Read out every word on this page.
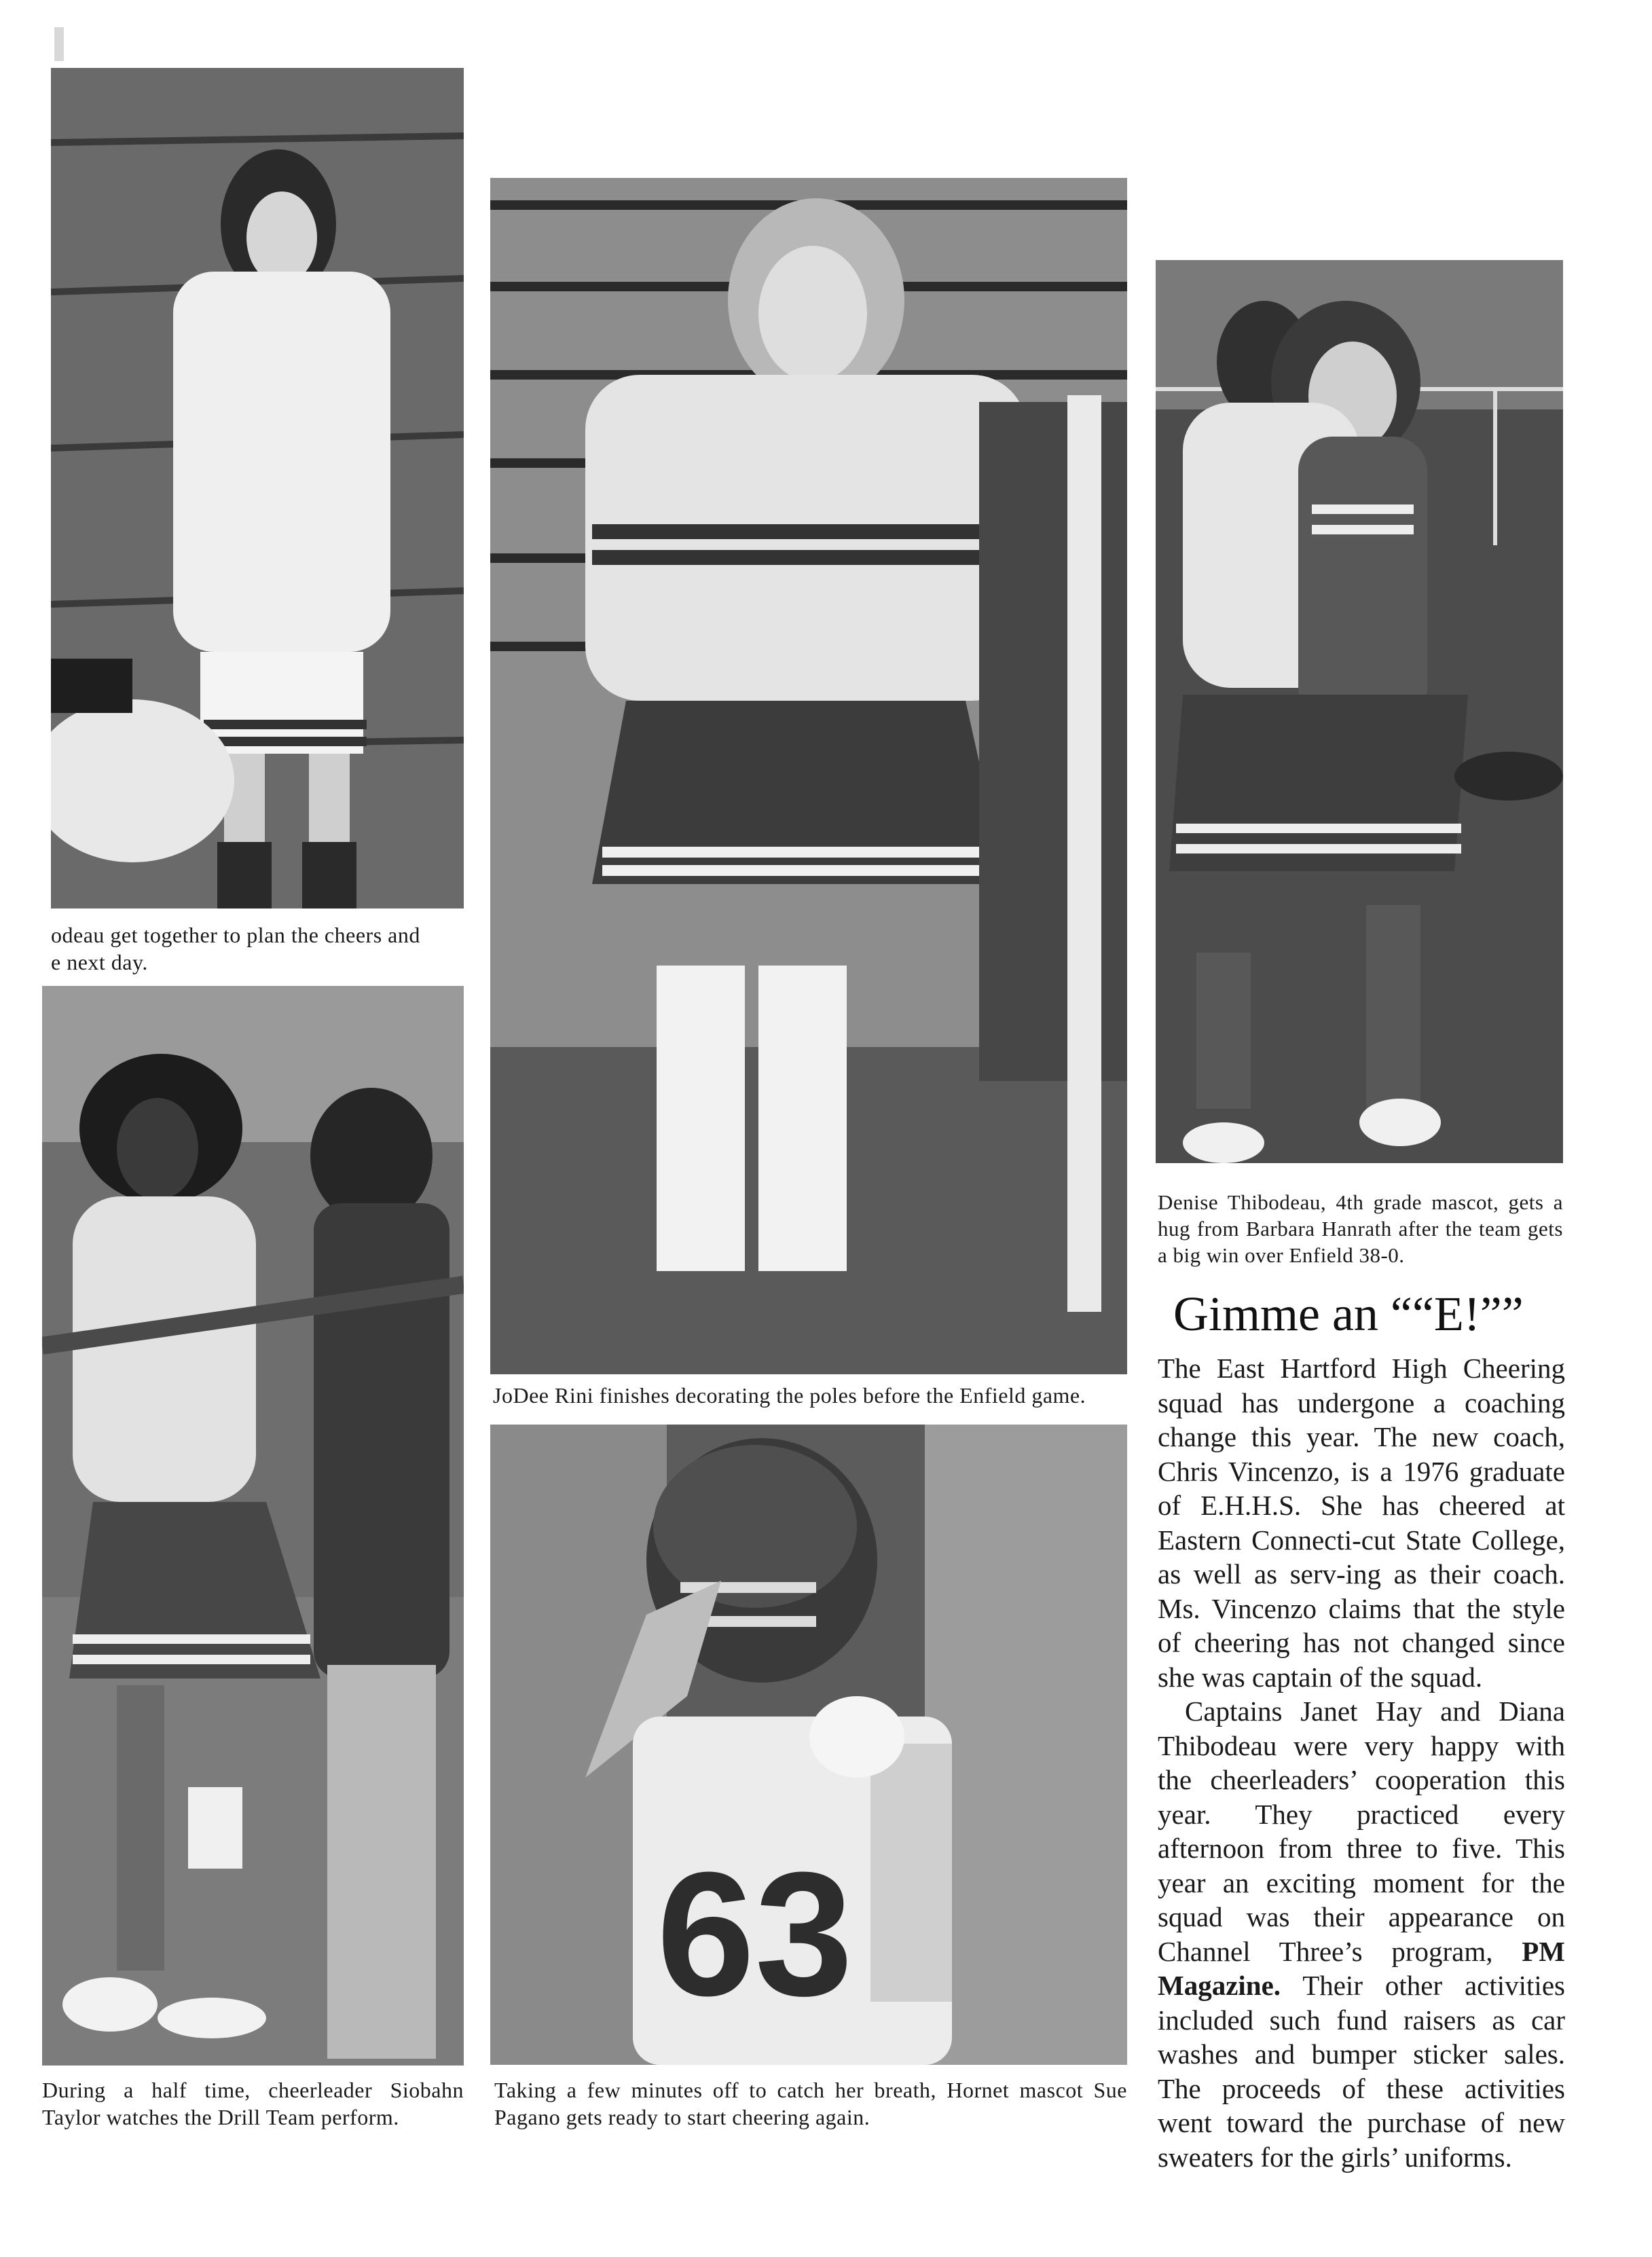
odeau get together to plan the cheers and
e next day.
JoDee Rini finishes decorating the poles before the Enfield game.
Denise Thibodeau, 4th grade mascot, gets a hug from Barbara Hanrath after the team gets a big win over Enfield 38-0.
During a half time, cheerleader Siobahn Taylor watches the Drill Team perform.
63
Taking a few minutes off to catch her breath, Hornet mascot Sue Pagano gets ready to start cheering again.
Gimme an ““E!””

The East Hartford High Cheering squad has undergone a coaching change this year. The new coach, Chris Vincenzo, is a 1976 graduate of E.H.H.S. She has cheered at Eastern Connecti-cut State College, as well as serv-ing as their coach. Ms. Vincenzo claims that the style of cheering has not changed since she was captain of the squad.

Captains Janet Hay and Diana Thibodeau were very happy with the cheerleaders’ cooperation this year. They practiced every afternoon from three to five. This year an exciting moment for the squad was their appearance on Channel Three’s program, PM Magazine. Their other activities included such fund raisers as car washes and bumper sticker sales. The proceeds of these activities went toward the purchase of new sweaters for the girls’ uniforms.
